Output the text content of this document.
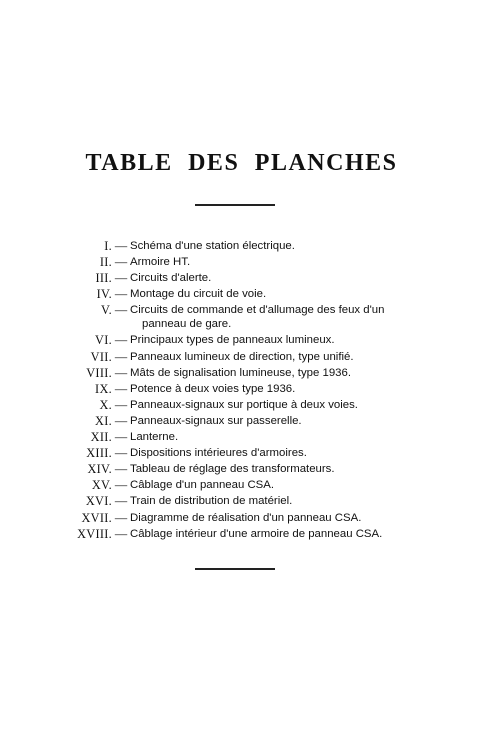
TABLE DES PLANCHES
I. — Schéma d'une station électrique.
II. — Armoire HT.
III. — Circuits d'alerte.
IV. — Montage du circuit de voie.
V. — Circuits de commande et d'allumage des feux d'un
panneau de gare.
VI. — Principaux types de panneaux lumineux.
VII. — Panneaux lumineux de direction, type unifié.
VIII. — Mâts de signalisation lumineuse, type 1936.
IX. — Potence à deux voies type 1936.
X. — Panneaux-signaux sur portique à deux voies.
XI. — Panneaux-signaux sur passerelle.
XII. — Lanterne.
XIII. — Dispositions intérieures d'armoires.
XIV. — Tableau de réglage des transformateurs.
XV. — Câblage d'un panneau CSA.
XVI. — Train de distribution de matériel.
XVII. — Diagramme de réalisation d'un panneau CSA.
XVIII. — Câblage intérieur d'une armoire de panneau CSA.
